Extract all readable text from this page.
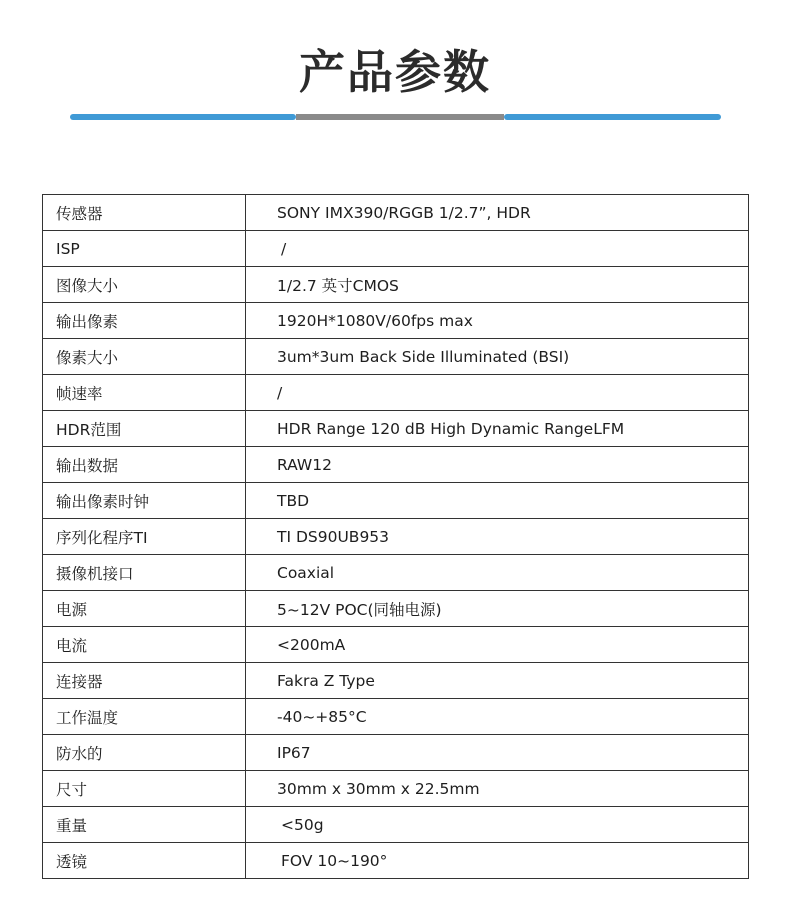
产品参数
传感器	SONY IMX390/RGGB 1/2.7”, HDR
ISP	/
图像大小	1/2.7 英寸CMOS
输出像素	1920H*1080V/60fps max
像素大小	3um*3um Back Side Illuminated (BSI)
帧速率	/
HDR范围	HDR Range 120 dB High Dynamic RangeLFM
输出数据	RAW12
输出像素时钟	TBD
序列化程序TI	TI DS90UB953
摄像机接口	Coaxial
电源	5~12V POC(同轴电源)
电流	<200mA
连接器	Fakra Z Type
工作温度	-40~+85°C
防水的	IP67
尺寸	30mm x 30mm x 22.5mm
重量	<50g
透镜	FOV 10~190°
